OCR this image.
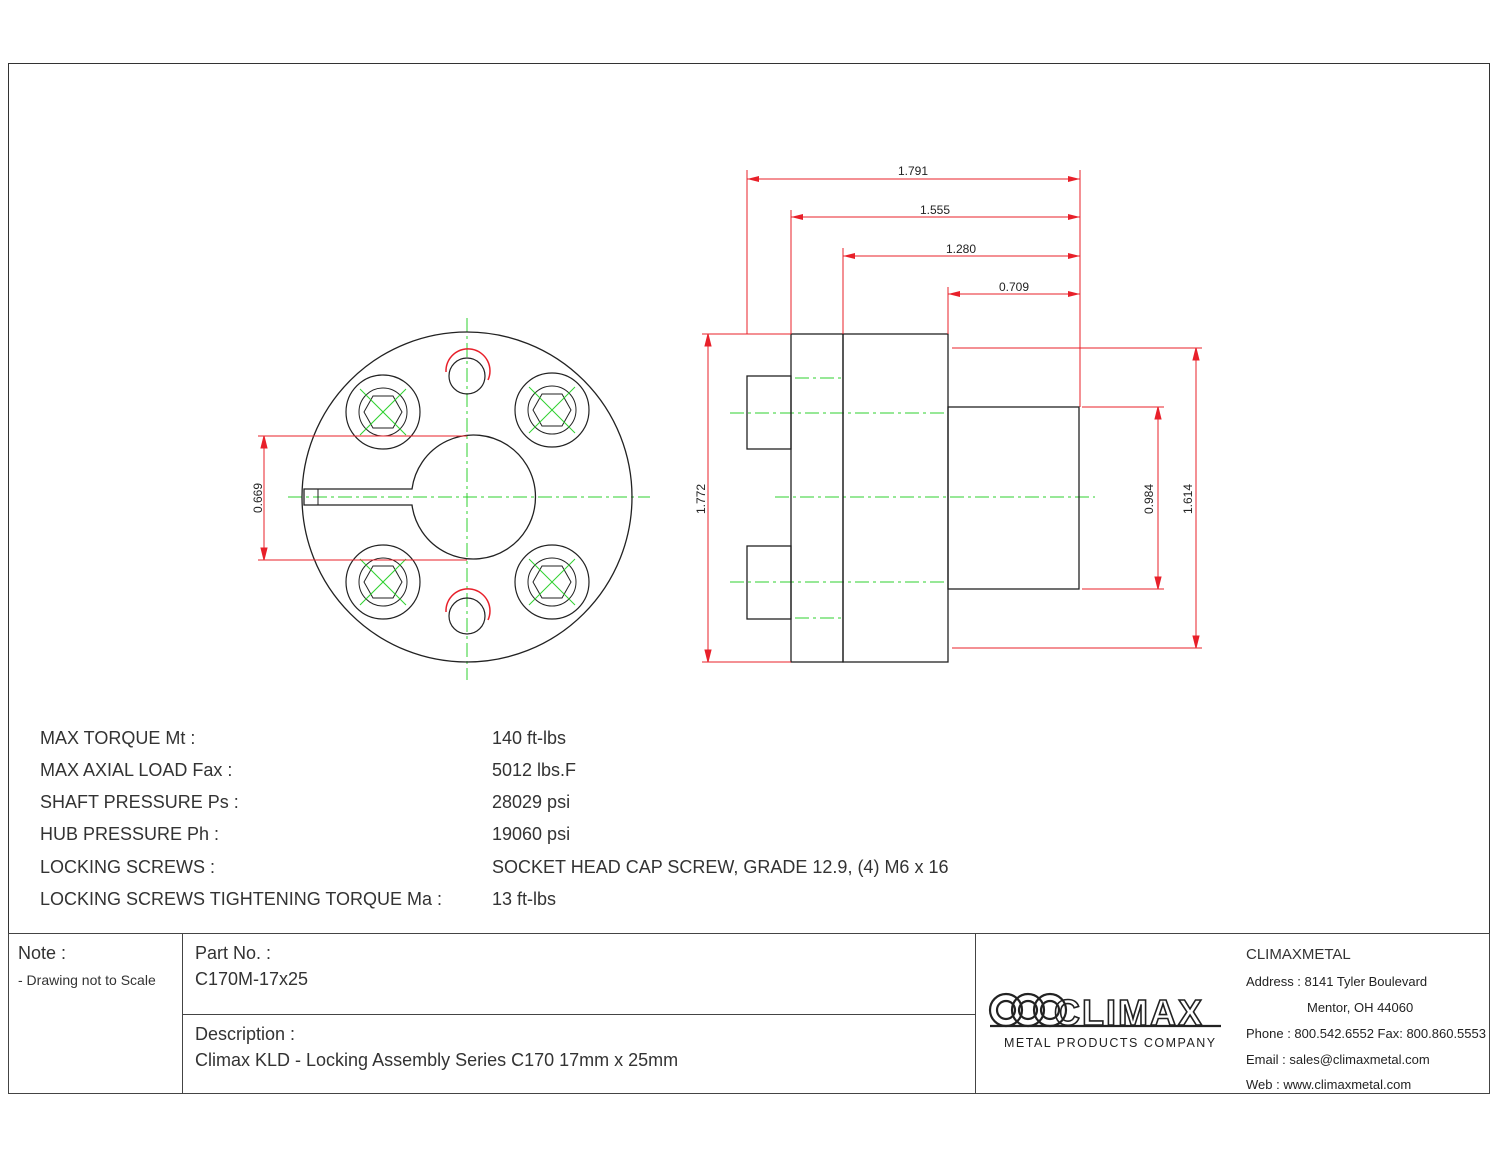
0.669
1.791
1.555
1.280
0.709
1.772	0.984 1.614
MAX TORQUE Mt :	140 ft-lbs
MAX AXIAL LOAD Fax :	5012 lbs.F
SHAFT PRESSURE Ps :	28029 psi
HUB PRESSURE Ph :	19060 psi
LOCKING SCREWS :	SOCKET HEAD CAP SCREW, GRADE 12.9, (4) M6 x 16
LOCKING SCREWS TIGHTENING TORQUE Ma :	13 ft-lbs
Note :
- Drawing not to Scale
Part No. :
C170M-17x25
Description :
Climax KLD - Locking Assembly Series C170 17mm x 25mm
CLIMAX
METAL PRODUCTS COMPANY
CLIMAXMETAL
Address : 8141 Tyler Boulevard
Mentor, OH 44060
Phone : 800.542.6552 Fax: 800.860.5553
Email : sales@climaxmetal.com
Web : www.climaxmetal.com
